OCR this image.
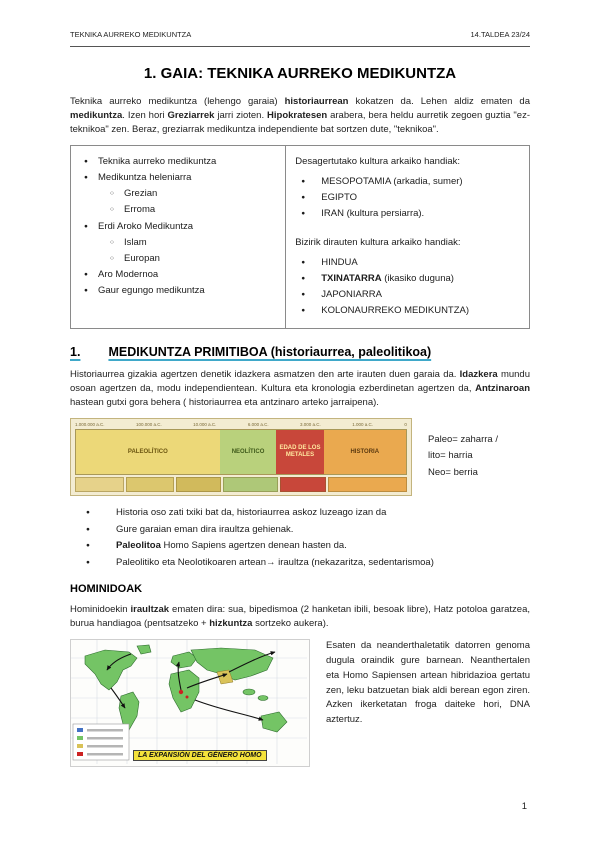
TEKNIKA AURREKO MEDIKUNTZA	14.TALDEA 23/24
1. GAIA: TEKNIKA AURREKO MEDIKUNTZA

Teknika aurreko medikuntza (lehengo garaia) historiaurrean kokatzen da. Lehen aldiz ematen da medikuntza. Izen hori Greziarrek jarri zioten. Hipokratesen arabera, bera heldu aurretik zegoen guztia "ez-teknikoa" zen. Beraz, greziarrak medikuntza independiente bat sortzen dute, "teknikoa".

●	Teknika aurreko medikuntza
●	Medikuntza heleniarra
○	Grezian
○	Erroma
●	Erdi Aroko Medikuntza
○	Islam
○	Europan
●	Aro Modernoa
●	Gaur egungo medikuntza
Desagertutako kultura arkaiko handiak:
●	MESOPOTAMIA (arkadia, sumer)
●	EGIPTO
●	IRAN (kultura persiarra).
Bizirik dirauten kultura arkaiko handiak:
●	HINDUA
●	TXINATARRA (ikasiko duguna)
●	JAPONIARRA
●	KOLONAURREKO MEDIKUNTZA)
1. MEDIKUNTZA PRIMITIBOA (historiaurrea, paleolitikoa)

Historiaurrea gizakia agertzen denetik idazkera asmatzen den arte irauten duen garaia da. Idazkera mundu osoan agertzen da, modu independientean. Kultura eta kronologia ezberdinetan agertzen da, Antzinaroan hastean gutxi gora behera ( historiaurrea eta antzinaro arteko jarraipena).

1.000.000 a.C.	100.000 a.C.	10.000 a.C.	6.000 a.C.	3.000 a.C.	1.000 a.C.	0
PALEOLÍTICO	NEOLÍTICO
EDAD DE LOS METALES
HISTORIA
Paleo= zaharra /
lito= harria
Neo= berria
●	Historia oso zati txiki bat da, historiaurrea askoz luzeago izan da
●	Gure garaian eman dira iraultza gehienak.
●	Paleolitoa Homo Sapiens agertzen denean hasten da.
●	Paleolitiko eta Neolotikoaren artean→ iraultza (nekazaritza, sedentarismoa)
HOMINIDOAK

Hominidoekin iraultzak ematen dira: sua, bipedismoa (2 hanketan ibili, besoak libre), Hatz potoloa garatzea, burua handiagoa (pentsatzeko + hizkuntza sortzeko aukera).

LA EXPANSIÓN DEL GÉNERO HOMO

Esaten da neanderthaletatik datorren genoma dugula oraindik gure barnean. Neanthertalen eta Homo Sapiensen artean hibridazioa gertatu zen, leku batzuetan biak aldi berean egon ziren. Azken ikerketatan froga daiteke hori, DNA aztertuz.

1
